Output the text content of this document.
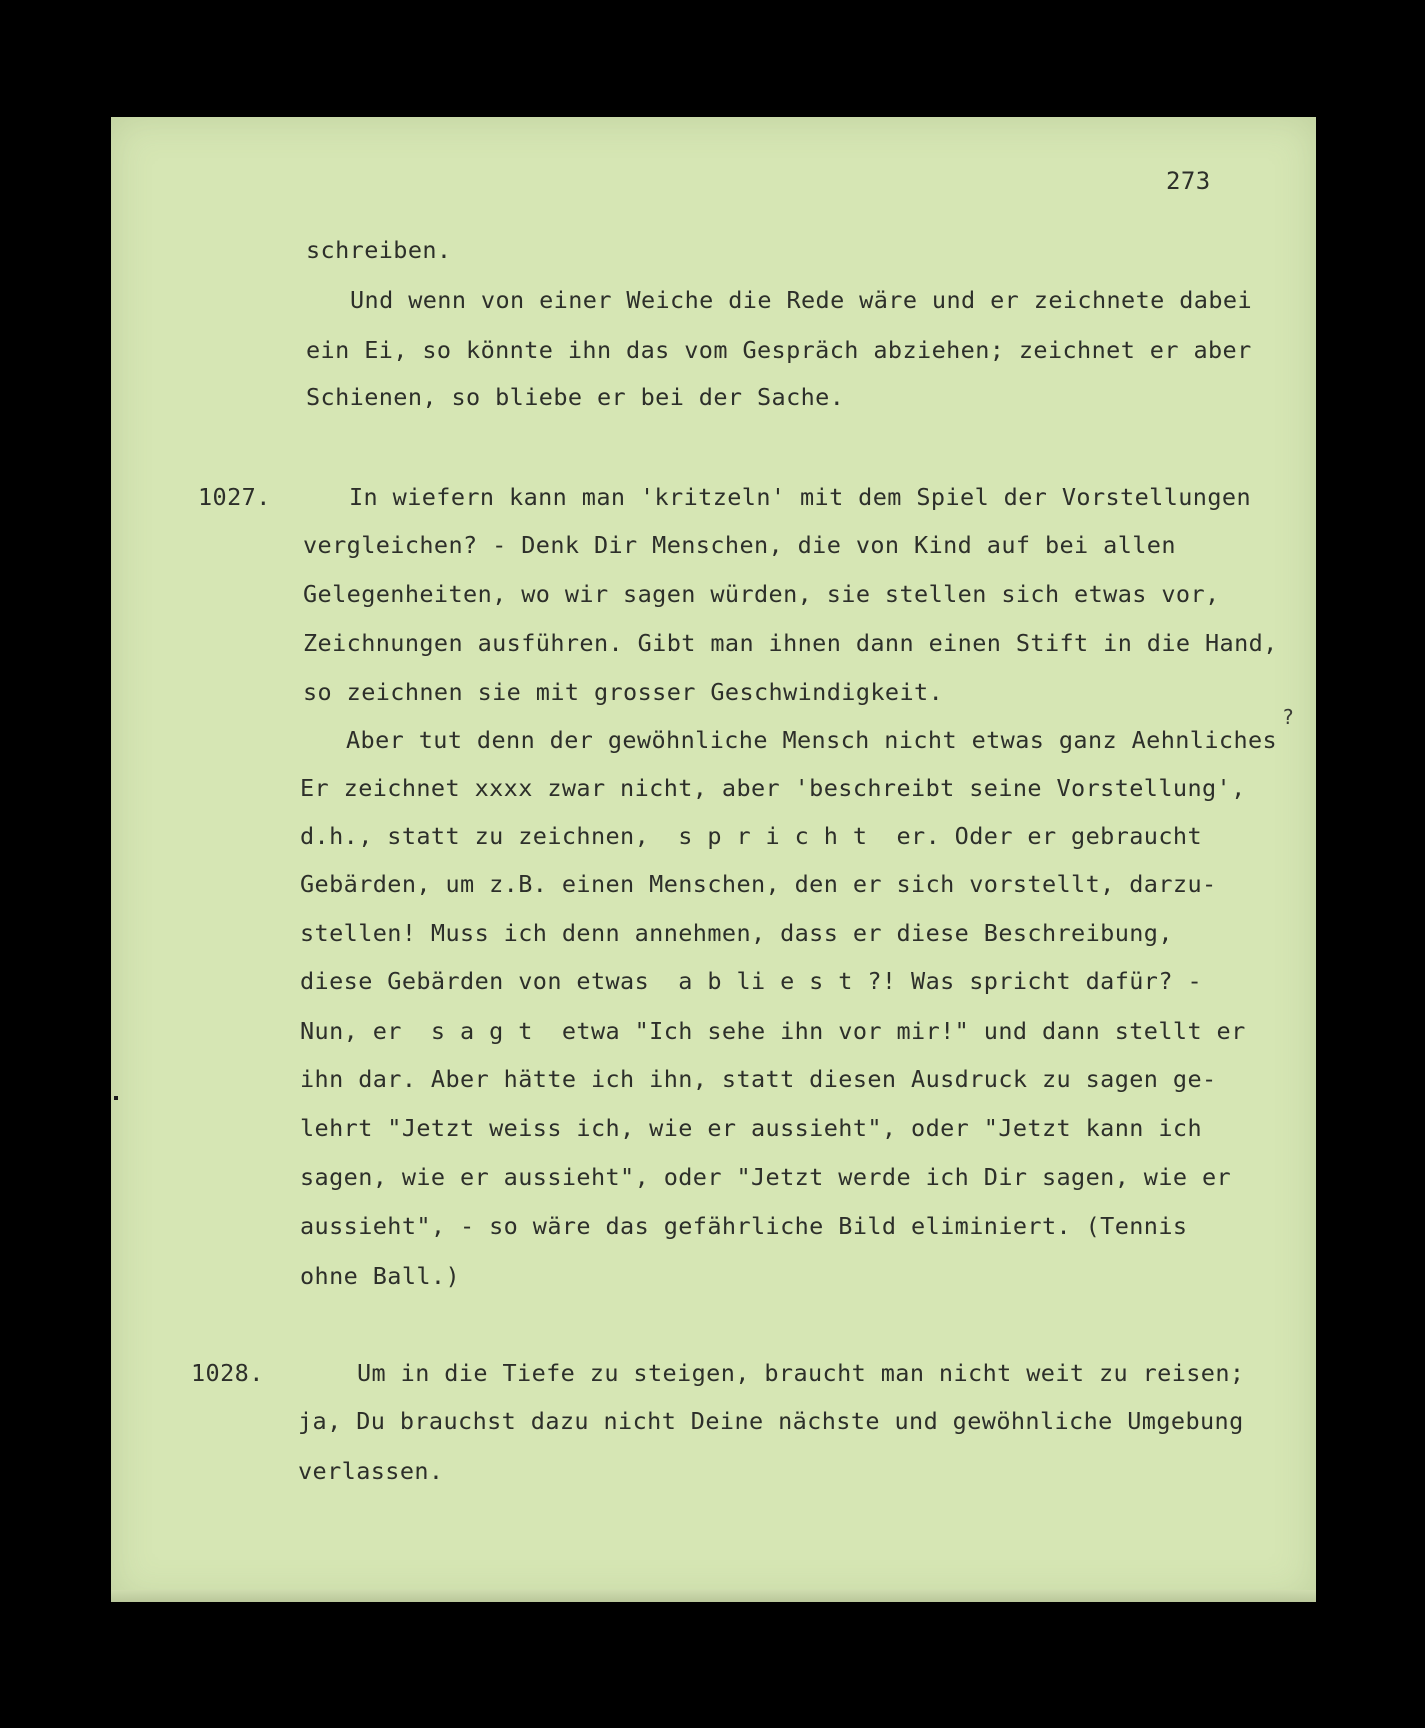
273
schreiben.
Und wenn von einer Weiche die Rede wäre und er zeichnete dabei
ein Ei, so könnte ihn das vom Gespräch abziehen; zeichnet er aber
Schienen, so bliebe er bei der Sache.
1027.	In wiefern kann man 'kritzeln' mit dem Spiel der Vorstellungen
vergleichen? - Denk Dir Menschen, die von Kind auf bei allen
Gelegenheiten, wo wir sagen würden, sie stellen sich etwas vor,
Zeichnungen ausführen. Gibt man ihnen dann einen Stift in die Hand,
so zeichnen sie mit grosser Geschwindigkeit.
?
Aber tut denn der gewöhnliche Mensch nicht etwas ganz Aehnliches
Er zeichnet xxxx zwar nicht, aber 'beschreibt seine Vorstellung',
d.h., statt zu zeichnen,  s p r i c h t  er. Oder er gebraucht
Gebärden, um z.B. einen Menschen, den er sich vorstellt, darzu-
stellen! Muss ich denn annehmen, dass er diese Beschreibung,
diese Gebärden von etwas  a b li e s t ?! Was spricht dafür? -
Nun, er  s a g t  etwa "Ich sehe ihn vor mir!" und dann stellt er
ihn dar. Aber hätte ich ihn, statt diesen Ausdruck zu sagen ge-
lehrt "Jetzt weiss ich, wie er aussieht", oder "Jetzt kann ich
sagen, wie er aussieht", oder "Jetzt werde ich Dir sagen, wie er
aussieht", - so wäre das gefährliche Bild eliminiert. (Tennis
ohne Ball.)
1028.	Um in die Tiefe zu steigen, braucht man nicht weit zu reisen;
ja, Du brauchst dazu nicht Deine nächste und gewöhnliche Umgebung
verlassen.
